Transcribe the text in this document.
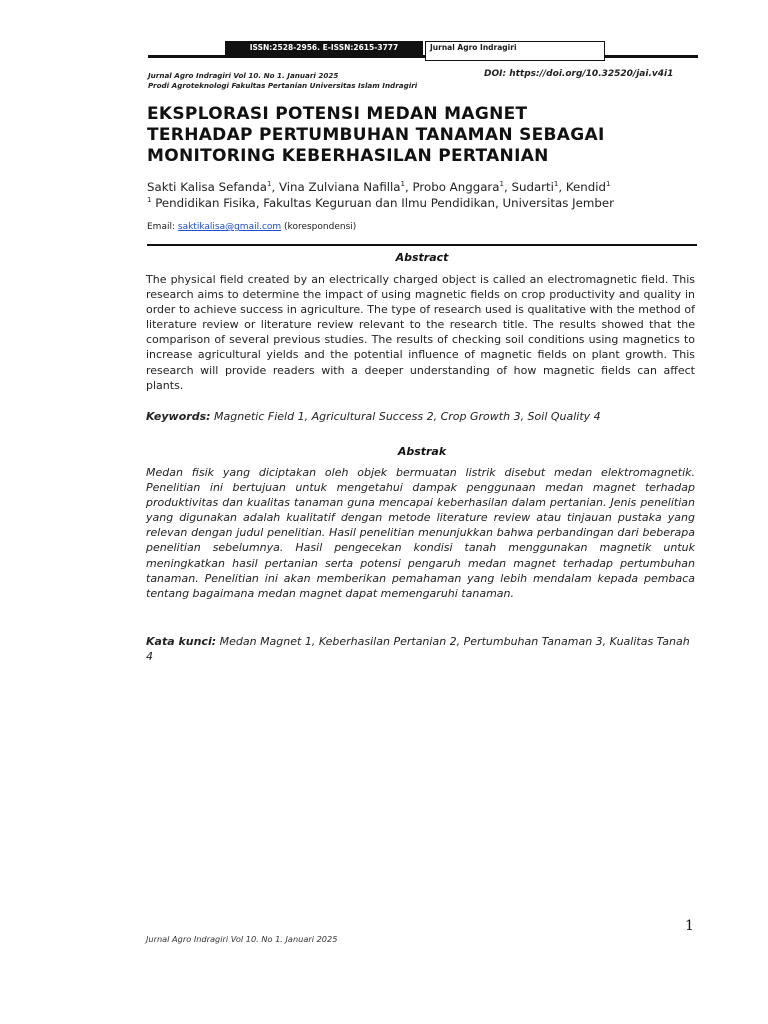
ISSN:2528-2956. E-ISSN:2615-3777	Jurnal Agro Indragiri
Jurnal Agro Indragiri Vol 10. No 1. Januari 2025
Prodi Agroteknologi Fakultas Pertanian Universitas Islam Indragiri
DOI: https://doi.org/10.32520/jai.v4i1
EKSPLORASI POTENSI MEDAN MAGNET
TERHADAP PERTUMBUHAN TANAMAN SEBAGAI
MONITORING KEBERHASILAN PERTANIAN
Sakti Kalisa Sefanda$^1$, Vina Zulviana Nafilla$^1$, Probo Anggara$^1$, Sudarti$^1$, Kendid$^1$
$^1$ Pendidikan Fisika, Fakultas Keguruan dan Ilmu Pendidikan, Universitas Jember
Email: saktikalisa@gmail.com (korespondensi)
Abstract

The physical field created by an electrically charged object is called an electromagnetic field. This research aims to determine the impact of using magnetic fields on crop productivity and quality in order to achieve success in agriculture. The type of research used is qualitative with the method of literature review or literature review relevant to the research title. The results showed that the comparison of several previous studies. The results of checking soil conditions using magnetics to increase agricultural yields and the potential influence of magnetic fields on plant growth. This research will provide readers with a deeper understanding of how magnetic fields can affect plants.

Keywords: Magnetic Field 1, Agricultural Success 2, Crop Growth 3, Soil Quality 4
Abstrak

Medan fisik yang diciptakan oleh objek bermuatan listrik disebut medan elektromagnetik. Penelitian ini bertujuan untuk mengetahui dampak penggunaan medan magnet terhadap produktivitas dan kualitas tanaman guna mencapai keberhasilan dalam pertanian. Jenis penelitian yang digunakan adalah kualitatif dengan metode literature review atau tinjauan pustaka yang relevan dengan judul penelitian. Hasil penelitian menunjukkan bahwa perbandingan dari beberapa penelitian sebelumnya. Hasil pengecekan kondisi tanah menggunakan magnetik untuk meningkatkan hasil pertanian serta potensi pengaruh medan magnet terhadap pertumbuhan tanaman. Penelitian ini akan memberikan pemahaman yang lebih mendalam kepada pembaca tentang bagaimana medan magnet dapat memengaruhi tanaman.

Kata kunci: Medan Magnet 1, Keberhasilan Pertanian 2, Pertumbuhan Tanaman 3, Kualitas Tanah 4
1
Jurnal Agro Indragiri Vol 10. No 1. Januari 2025
